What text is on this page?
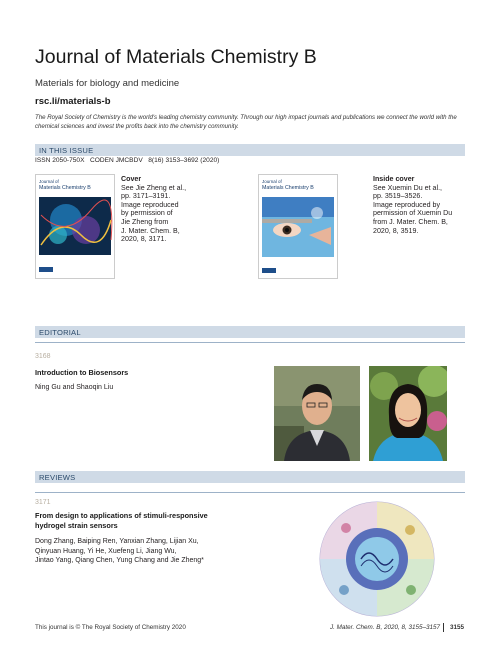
Journal of Materials Chemistry B
Materials for biology and medicine
rsc.li/materials-b
The Royal Society of Chemistry is the world's leading chemistry community. Through our high impact journals and publications we connect the world with the chemical sciences and invest the profits back into the chemistry community.
IN THIS ISSUE
ISSN 2050-750X   CODEN JMCBDV   8(16) 3153–3692 (2020)
Journal of
Materials Chemistry B
Cover
See Jie Zheng et al.,
pp. 3171–3191.
Image reproduced
by permission of
Jie Zheng from
J. Mater. Chem. B,
2020, 8, 3171.
Journal of
Materials Chemistry B
Inside cover
See Xuemin Du et al.,
pp. 3519–3526.
Image reproduced by
permission of Xuemin Du
from J. Mater. Chem. B,
2020, 8, 3519.
EDITORIAL
3168
Introduction to Biosensors
Ning Gu and Shaoqin Liu
REVIEWS
3171
From design to applications of stimuli-responsive
hydrogel strain sensors
Dong Zhang, Baiping Ren, Yanxian Zhang, Lijian Xu,
Qinyuan Huang, Yi He, Xuefeng Li, Jiang Wu,
Jintao Yang, Qiang Chen, Yung Chang and Jie Zheng*
This journal is © The Royal Society of Chemistry 2020	J. Mater. Chem. B, 2020, 8, 3155–3157 3155
